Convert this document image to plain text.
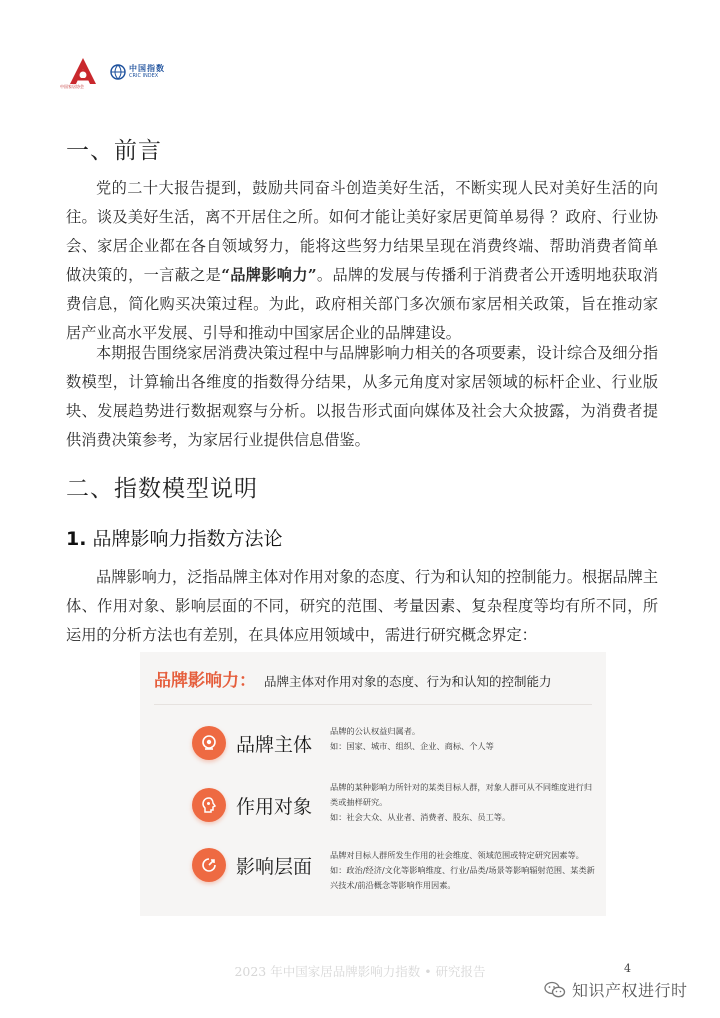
中国家居协会
中国指数
CRIC INDEX
一、前言

党的二十大报告提到，鼓励共同奋斗创造美好生活，不断实现人民对美好生活的向往。谈及美好生活，离不开居住之所。如何才能让美好家居更简单易得 ？政府、行业协会、家居企业都在各自领域努力，能将这些努力结果呈现在消费终端、帮助消费者简单做决策的，一言蔽之是“品牌影响力”。品牌的发展与传播利于消费者公开透明地获取消费信息，简化购买决策过程。为此，政府相关部门多次颁布家居相关政策，旨在推动家居产业高水平发展、引导和推动中国家居企业的品牌建设。

本期报告围绕家居消费决策过程中与品牌影响力相关的各项要素，设计综合及细分指数模型，计算输出各维度的指数得分结果，从多元角度对家居领域的标杆企业、行业版块、发展趋势进行数据观察与分析。以报告形式面向媒体及社会大众披露，为消费者提供消费决策参考，为家居行业提供信息借鉴。

二、指数模型说明
1. 品牌影响力指数方法论

品牌影响力，泛指品牌主体对作用对象的态度、行为和认知的控制能力。根据品牌主体、作用对象、影响层面的不同，研究的范围、考量因素、复杂程度等均有所不同，所运用的分析方法也有差别，在具体应用领域中，需进行研究概念界定：

品牌影响力： 品牌主体对作用对象的态度、行为和认知的控制能力
品牌主体
品牌的公认权益归属者。
如：国家、城市、组织、企业、商标、个人等
作用对象
品牌的某种影响力所针对的某类目标人群，对象人群可从不同维度进行归类或抽样研究。
如：社会大众、从业者、消费者、股东、员工等。
影响层面
品牌对目标人群所发生作用的社会维度、领域范围或特定研究因素等。
如：政治/经济/文化等影响维度、行业/品类/场景等影响辐射范围、某类新兴技术/前沿概念等影响作用因素。
2023 年中国家居品牌影响力指数 • 研究报告	4
知识产权进行时
